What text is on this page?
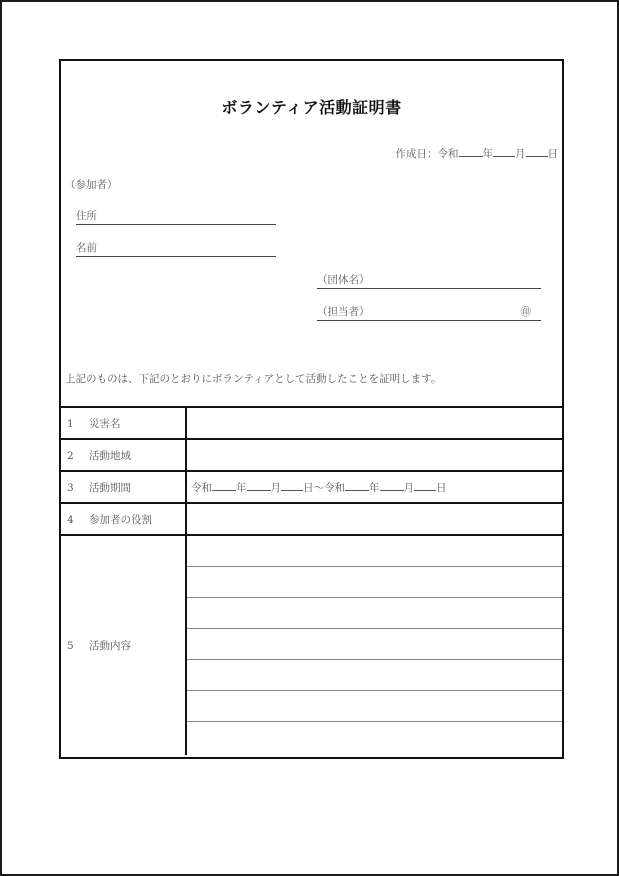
ボランティア活動証明書
作成日：令和 年 月 日
（参加者）
住所
名前
（団体名）
（担当者）	㊞
上記のものは、下記のとおりにボランティアとして活動したことを証明します。
1 災害名	
2 活動地域	
3 活動期間	令和 年 月 日～令和 年 月 日
4 参加者の役割	
5 活動内容	
